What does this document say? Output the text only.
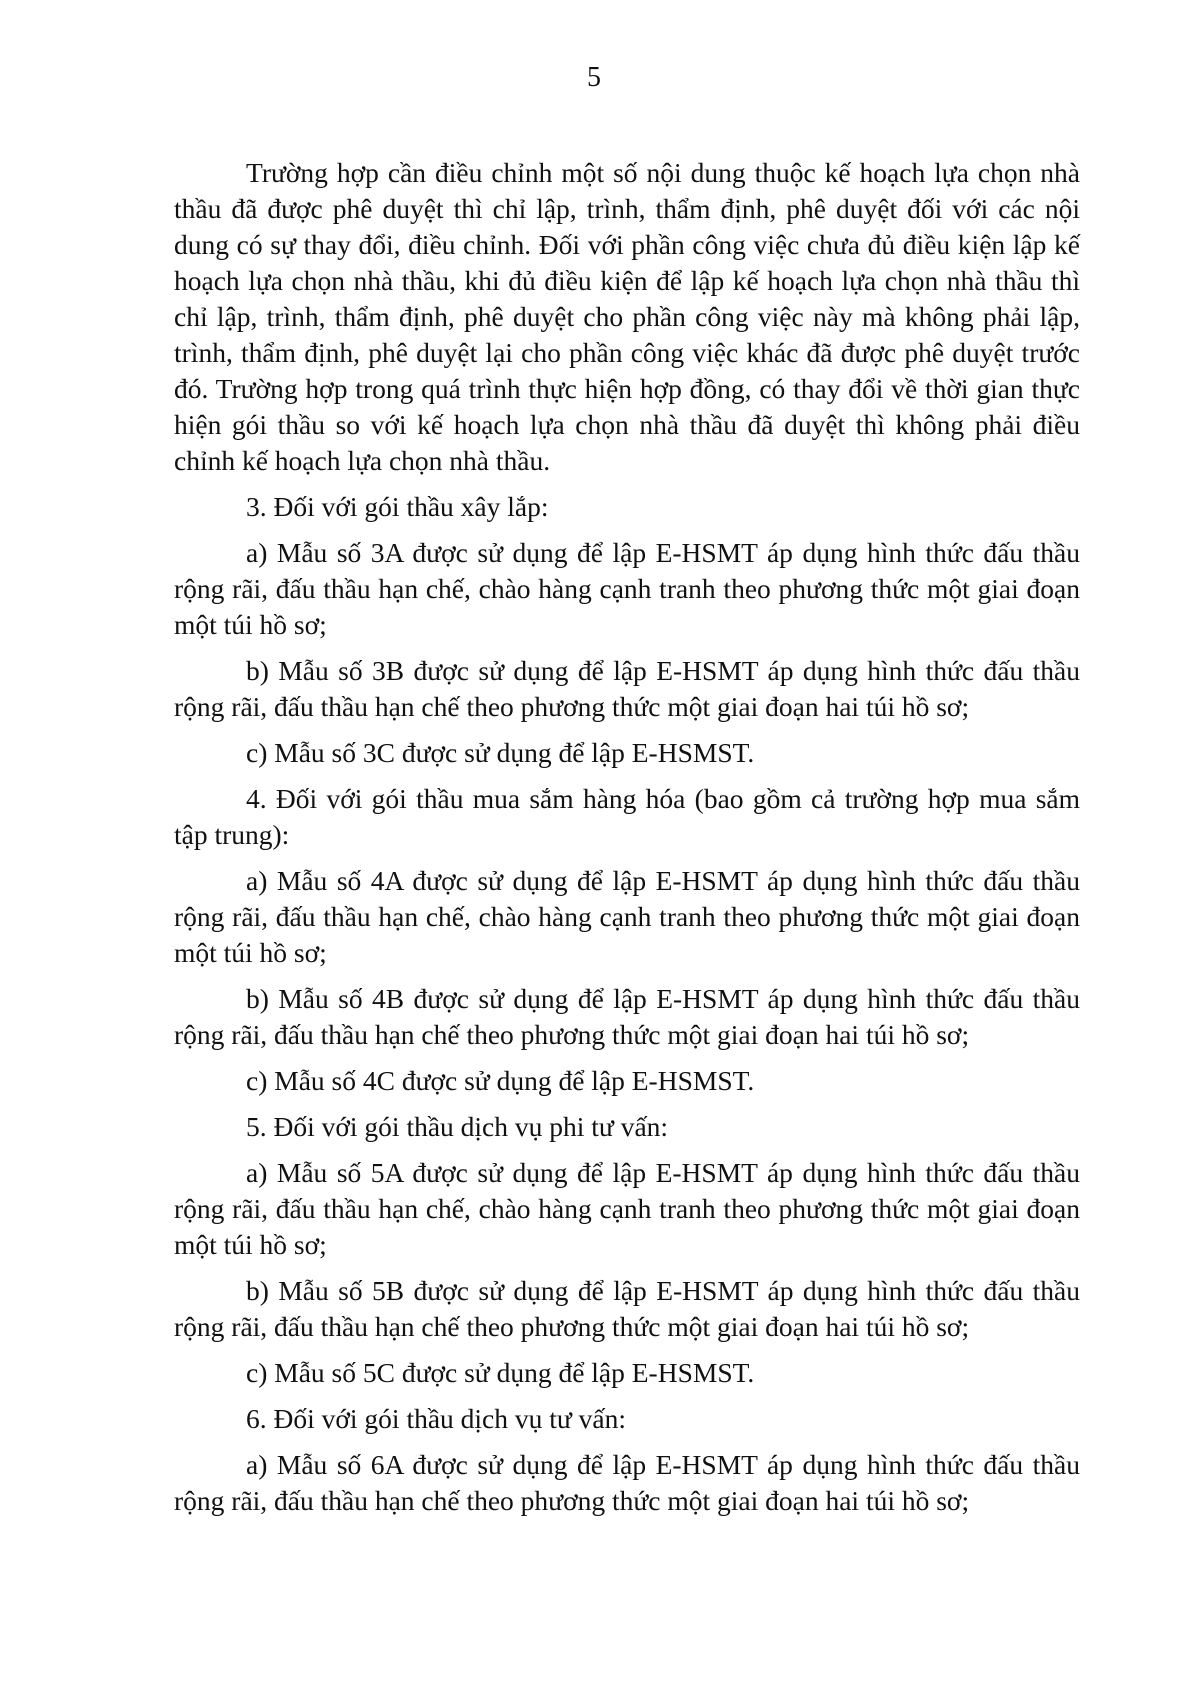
5

Trường hợp cần điều chỉnh một số nội dung thuộc kế hoạch lựa chọn nhà thầu đã được phê duyệt thì chỉ lập, trình, thẩm định, phê duyệt đối với các nội dung có sự thay đổi, điều chỉnh. Đối với phần công việc chưa đủ điều kiện lập kế hoạch lựa chọn nhà thầu, khi đủ điều kiện để lập kế hoạch lựa chọn nhà thầu thì chỉ lập, trình, thẩm định, phê duyệt cho phần công việc này mà không phải lập, trình, thẩm định, phê duyệt lại cho phần công việc khác đã được phê duyệt trước đó. Trường hợp trong quá trình thực hiện hợp đồng, có thay đổi về thời gian thực hiện gói thầu so với kế hoạch lựa chọn nhà thầu đã duyệt thì không phải điều chỉnh kế hoạch lựa chọn nhà thầu.

3. Đối với gói thầu xây lắp:

a) Mẫu số 3A được sử dụng để lập E-HSMT áp dụng hình thức đấu thầu rộng rãi, đấu thầu hạn chế, chào hàng cạnh tranh theo phương thức một giai đoạn một túi hồ sơ;

b) Mẫu số 3B được sử dụng để lập E-HSMT áp dụng hình thức đấu thầu rộng rãi, đấu thầu hạn chế theo phương thức một giai đoạn hai túi hồ sơ;

c) Mẫu số 3C được sử dụng để lập E-HSMST.

4. Đối với gói thầu mua sắm hàng hóa (bao gồm cả trường hợp mua sắm tập trung):

a) Mẫu số 4A được sử dụng để lập E-HSMT áp dụng hình thức đấu thầu rộng rãi, đấu thầu hạn chế, chào hàng cạnh tranh theo phương thức một giai đoạn một túi hồ sơ;

b) Mẫu số 4B được sử dụng để lập E-HSMT áp dụng hình thức đấu thầu rộng rãi, đấu thầu hạn chế theo phương thức một giai đoạn hai túi hồ sơ;

c) Mẫu số 4C được sử dụng để lập E-HSMST.

5. Đối với gói thầu dịch vụ phi tư vấn:

a) Mẫu số 5A được sử dụng để lập E-HSMT áp dụng hình thức đấu thầu rộng rãi, đấu thầu hạn chế, chào hàng cạnh tranh theo phương thức một giai đoạn một túi hồ sơ;

b) Mẫu số 5B được sử dụng để lập E-HSMT áp dụng hình thức đấu thầu rộng rãi, đấu thầu hạn chế theo phương thức một giai đoạn hai túi hồ sơ;

c) Mẫu số 5C được sử dụng để lập E-HSMST.

6. Đối với gói thầu dịch vụ tư vấn:

a) Mẫu số 6A được sử dụng để lập E-HSMT áp dụng hình thức đấu thầu rộng rãi, đấu thầu hạn chế theo phương thức một giai đoạn hai túi hồ sơ;
